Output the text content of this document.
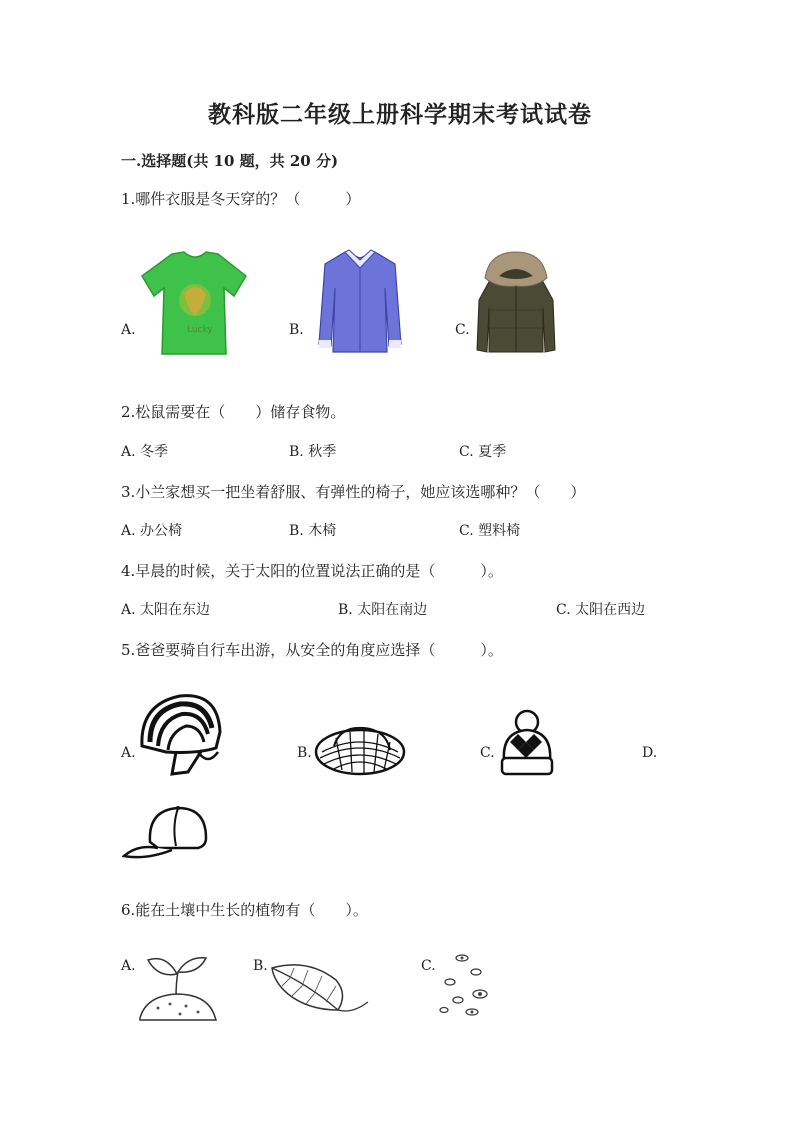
教科版二年级上册科学期末考试试卷
一.选择题(共 10 题，共 20 分)
1.哪件衣服是冬天穿的？（　　　）
A.	B.	C.
Lucky
2.松鼠需要在（　　）储存食物。
A. 冬季	B. 秋季	C. 夏季
3.小兰家想买一把坐着舒服、有弹性的椅子，她应该选哪种？（　　）
A. 办公椅	B. 木椅	C. 塑料椅
4.早晨的时候，关于太阳的位置说法正确的是（　　　）。
A. 太阳在东边	B. 太阳在南边	C. 太阳在西边
5.爸爸要骑自行车出游，从安全的角度应选择（　　　）。
A.	B.	C.	D.
6.能在土壤中生长的植物有（　　）。
A.	B.	C.
